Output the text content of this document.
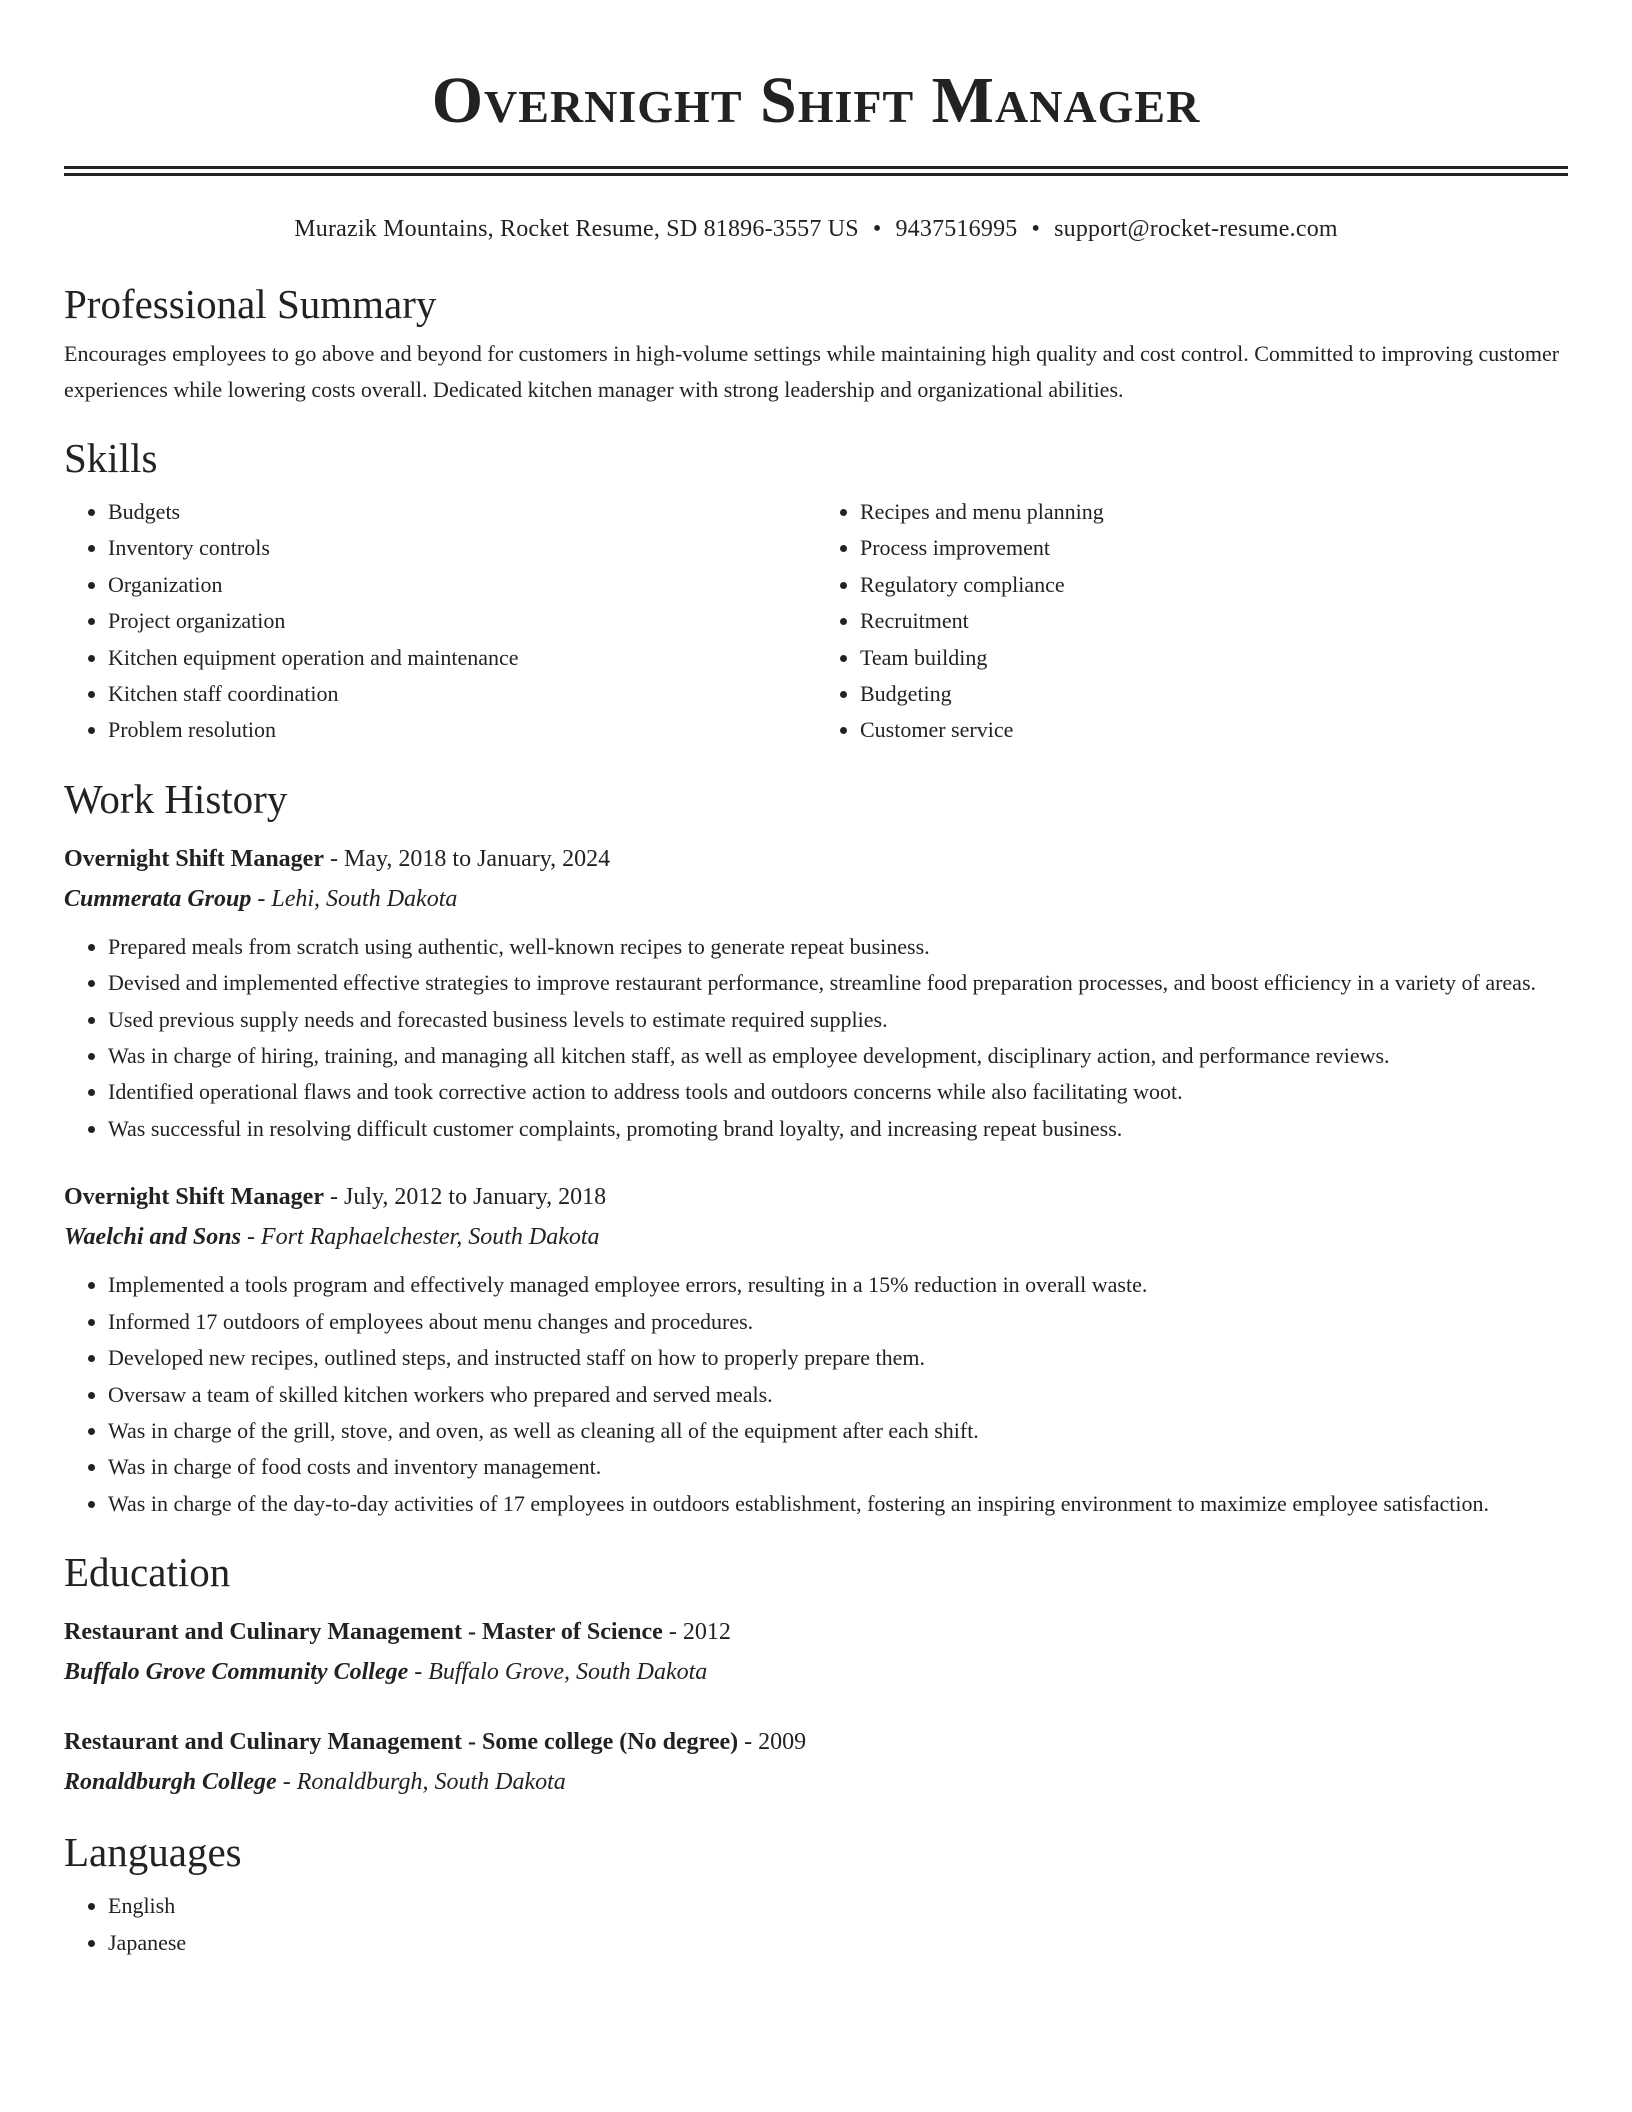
Overnight Shift Manager
Murazik Mountains, Rocket Resume, SD 81896-3557 US • 9437516995 • support@rocket-resume.com
Professional Summary

Encourages employees to go above and beyond for customers in high-volume settings while maintaining high quality and cost control. Committed to improving customer experiences while lowering costs overall. Dedicated kitchen manager with strong leadership and organizational abilities.

Skills
• Budgets
• Inventory controls
• Organization
• Project organization
• Kitchen equipment operation and maintenance
• Kitchen staff coordination
• Problem resolution
• Recipes and menu planning
• Process improvement
• Regulatory compliance
• Recruitment
• Team building
• Budgeting
• Customer service
Work History

Overnight Shift Manager - May, 2018 to January, 2024

Cummerata Group - Lehi, South Dakota

• Prepared meals from scratch using authentic, well-known recipes to generate repeat business.
• Devised and implemented effective strategies to improve restaurant performance, streamline food preparation processes, and boost efficiency in a variety of areas.
• Used previous supply needs and forecasted business levels to estimate required supplies.
• Was in charge of hiring, training, and managing all kitchen staff, as well as employee development, disciplinary action, and performance reviews.
• Identified operational flaws and took corrective action to address tools and outdoors concerns while also facilitating woot.
• Was successful in resolving difficult customer complaints, promoting brand loyalty, and increasing repeat business.

Overnight Shift Manager - July, 2012 to January, 2018

Waelchi and Sons - Fort Raphaelchester, South Dakota

• Implemented a tools program and effectively managed employee errors, resulting in a 15% reduction in overall waste.
• Informed 17 outdoors of employees about menu changes and procedures.
• Developed new recipes, outlined steps, and instructed staff on how to properly prepare them.
• Oversaw a team of skilled kitchen workers who prepared and served meals.
• Was in charge of the grill, stove, and oven, as well as cleaning all of the equipment after each shift.
• Was in charge of food costs and inventory management.
• Was in charge of the day-to-day activities of 17 employees in outdoors establishment, fostering an inspiring environment to maximize employee satisfaction.
Education

Restaurant and Culinary Management - Master of Science - 2012

Buffalo Grove Community College - Buffalo Grove, South Dakota

Restaurant and Culinary Management - Some college (No degree) - 2009

Ronaldburgh College - Ronaldburgh, South Dakota

Languages
• English
• Japanese
